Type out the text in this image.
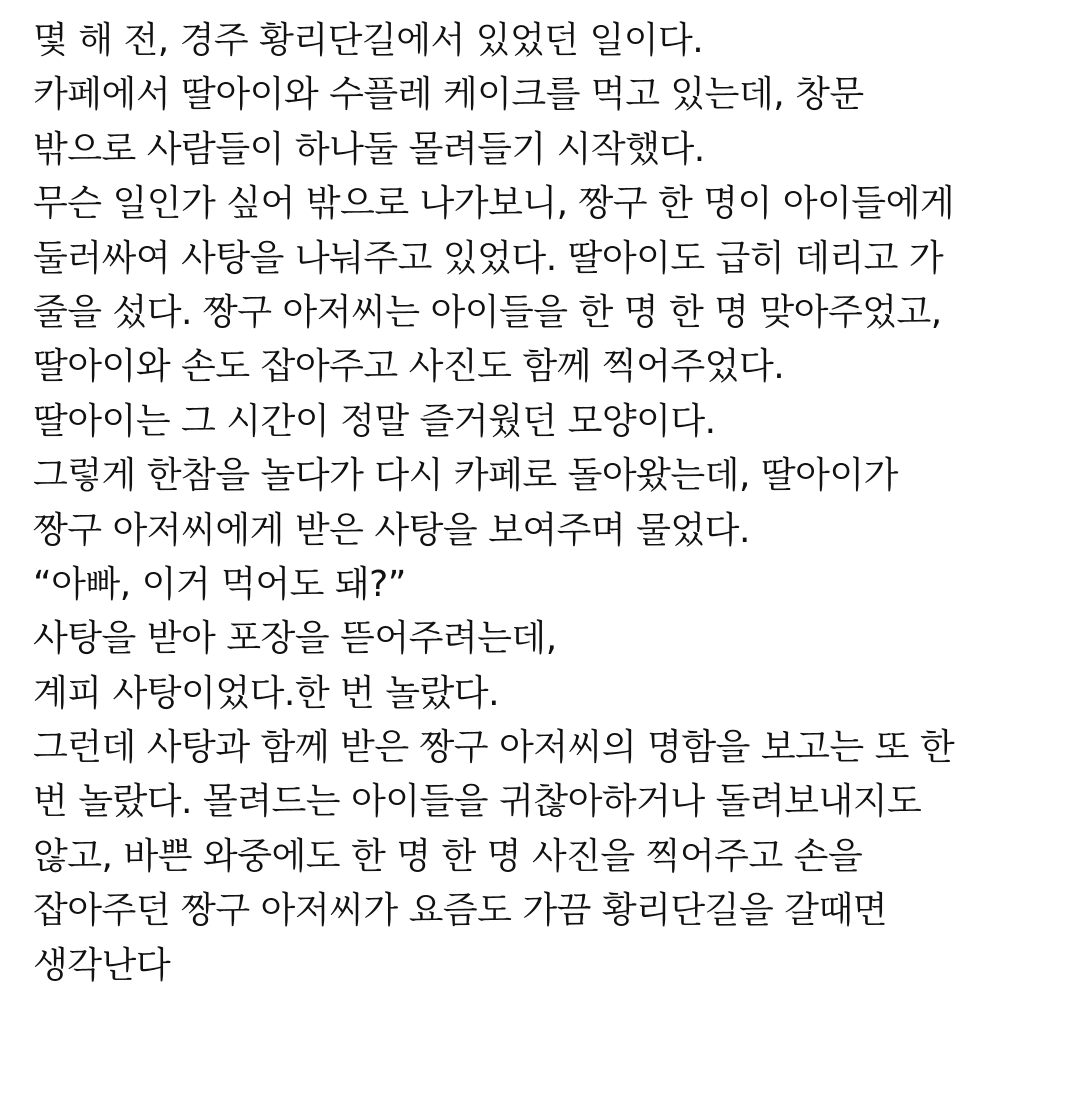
몇 해 전, 경주 황리단길에서 있었던 일이다.
카페에서 딸아이와 수플레 케이크를 먹고 있는데, 창문
밖으로 사람들이 하나둘 몰려들기 시작했다.
무슨 일인가 싶어 밖으로 나가보니, 짱구 한 명이 아이들에게
둘러싸여 사탕을 나눠주고 있었다. 딸아이도 급히 데리고 가
줄을 섰다. 짱구 아저씨는 아이들을 한 명 한 명 맞아주었고,
딸아이와 손도 잡아주고 사진도 함께 찍어주었다.
딸아이는 그 시간이 정말 즐거웠던 모양이다.
그렇게 한참을 놀다가 다시 카페로 돌아왔는데, 딸아이가
짱구 아저씨에게 받은 사탕을 보여주며 물었다.
“아빠, 이거 먹어도 돼?”
사탕을 받아 포장을 뜯어주려는데,
계피 사탕이었다.한 번 놀랐다.
그런데 사탕과 함께 받은 짱구 아저씨의 명함을 보고는 또 한
번 놀랐다. 몰려드는 아이들을 귀찮아하거나 돌려보내지도
않고, 바쁜 와중에도 한 명 한 명 사진을 찍어주고 손을
잡아주던 짱구 아저씨가 요즘도 가끔 황리단길을 갈때면
생각난다
